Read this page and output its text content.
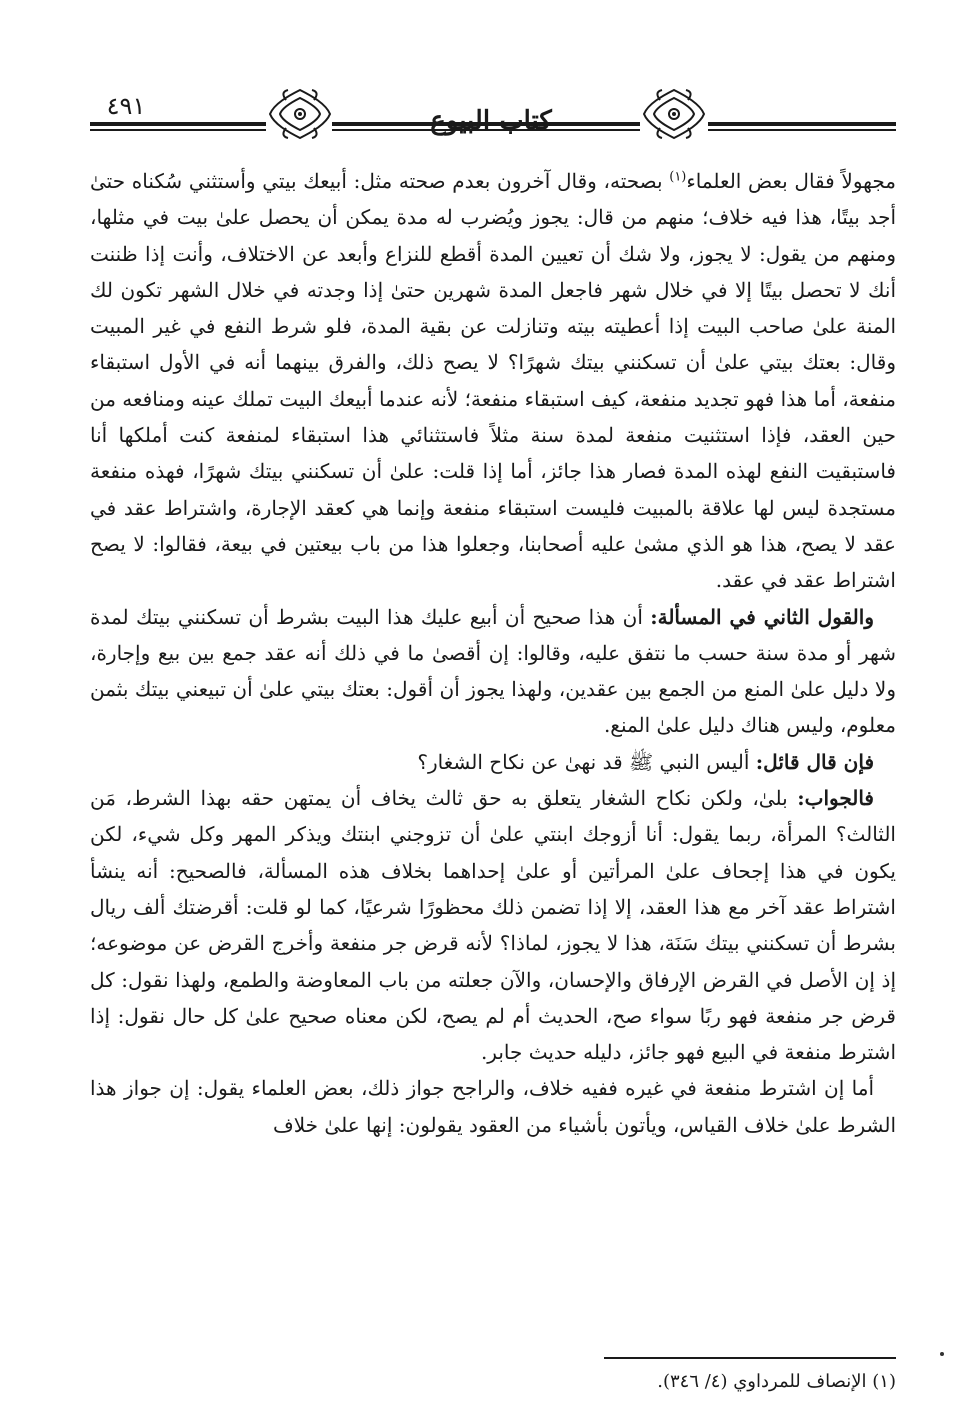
٤٩١	كتاب البيوع

مجهولاً فقال بعض العلماء$^{(١)}$ بصحته، وقال آخرون بعدم صحته مثل: أبيعك بيتي وأستثني سُكناه حتىٰ أجد بيتًا، هذا فيه خلاف؛ منهم من قال: يجوز ويُضرب له مدة يمكن أن يحصل علىٰ بيت في مثلها، ومنهم من يقول: لا يجوز، ولا شك أن تعيين المدة أقطع للنزاع وأبعد عن الاختلاف، وأنت إذا ظننت أنك لا تحصل بيتًا إلا في خلال شهر فاجعل المدة شهرين حتىٰ إذا وجدته في خلال الشهر تكون لك المنة علىٰ صاحب البيت إذا أعطيته بيته وتنازلت عن بقية المدة، فلو شرط النفع في غير المبيت وقال: بعتك بيتي علىٰ أن تسكنني بيتك شهرًا؟ لا يصح ذلك، والفرق بينهما أنه في الأول استبقاء منفعة، أما هذا فهو تجديد منفعة، كيف استبقاء منفعة؛ لأنه عندما أبيعك البيت تملك عينه ومنافعه من حين العقد، فإذا استثنيت منفعة لمدة سنة مثلاً فاستثنائي هذا استبقاء لمنفعة كنت أملكها أنا فاستبقيت النفع لهذه المدة فصار هذا جائز، أما إذا قلت: علىٰ أن تسكنني بيتك شهرًا، فهذه منفعة مستجدة ليس لها علاقة بالمبيت فليست استبقاء منفعة وإنما هي كعقد الإجارة، واشتراط عقد في عقد لا يصح، هذا هو الذي مشىٰ عليه أصحابنا، وجعلوا هذا من باب بيعتين في بيعة، فقالوا: لا يصح اشتراط عقد في عقد.

والقول الثاني في المسألة: أن هذا صحيح أن أبيع عليك هذا البيت بشرط أن تسكنني بيتك لمدة شهر أو مدة سنة حسب ما نتفق عليه، وقالوا: إن أقصىٰ ما في ذلك أنه عقد جمع بين بيع وإجارة، ولا دليل علىٰ المنع من الجمع بين عقدين، ولهذا يجوز أن أقول: بعتك بيتي علىٰ أن تبيعني بيتك بثمن معلوم، وليس هناك دليل علىٰ المنع.

فإن قال قائل: أليس النبي ﷺ قد نهىٰ عن نكاح الشغار؟

فالجواب: بلىٰ، ولكن نكاح الشغار يتعلق به حق ثالث يخاف أن يمتهن حقه بهذا الشرط، مَن الثالث؟ المرأة، ربما يقول: أنا أزوجك ابنتي علىٰ أن تزوجني ابنتك ويذكر المهر وكل شيء، لكن يكون في هذا إجحاف علىٰ المرأتين أو علىٰ إحداهما بخلاف هذه المسألة، فالصحيح: أنه ينشأ اشتراط عقد آخر مع هذا العقد، إلا إذا تضمن ذلك محظورًا شرعيًا، كما لو قلت: أقرضتك ألف ريال بشرط أن تسكنني بيتك سَنَة، هذا لا يجوز، لماذا؟ لأنه قرض جر منفعة وأخرج القرض عن موضوعه؛ إذ إن الأصل في القرض الإرفاق والإحسان، والآن جعلته من باب المعاوضة والطمع، ولهذا نقول: كل قرض جر منفعة فهو ربًا سواء صح، الحديث أم لم يصح، لكن معناه صحيح علىٰ كل حال نقول: إذا اشترط منفعة في البيع فهو جائز، دليله حديث جابر.

أما إن اشترط منفعة في غيره ففيه خلاف، والراجح جواز ذلك، بعض العلماء يقول: إن جواز هذا الشرط علىٰ خلاف القياس، ويأتون بأشياء من العقود يقولون: إنها علىٰ خلاف

(١) الإنصاف للمرداوي (٤/ ٣٤٦).
